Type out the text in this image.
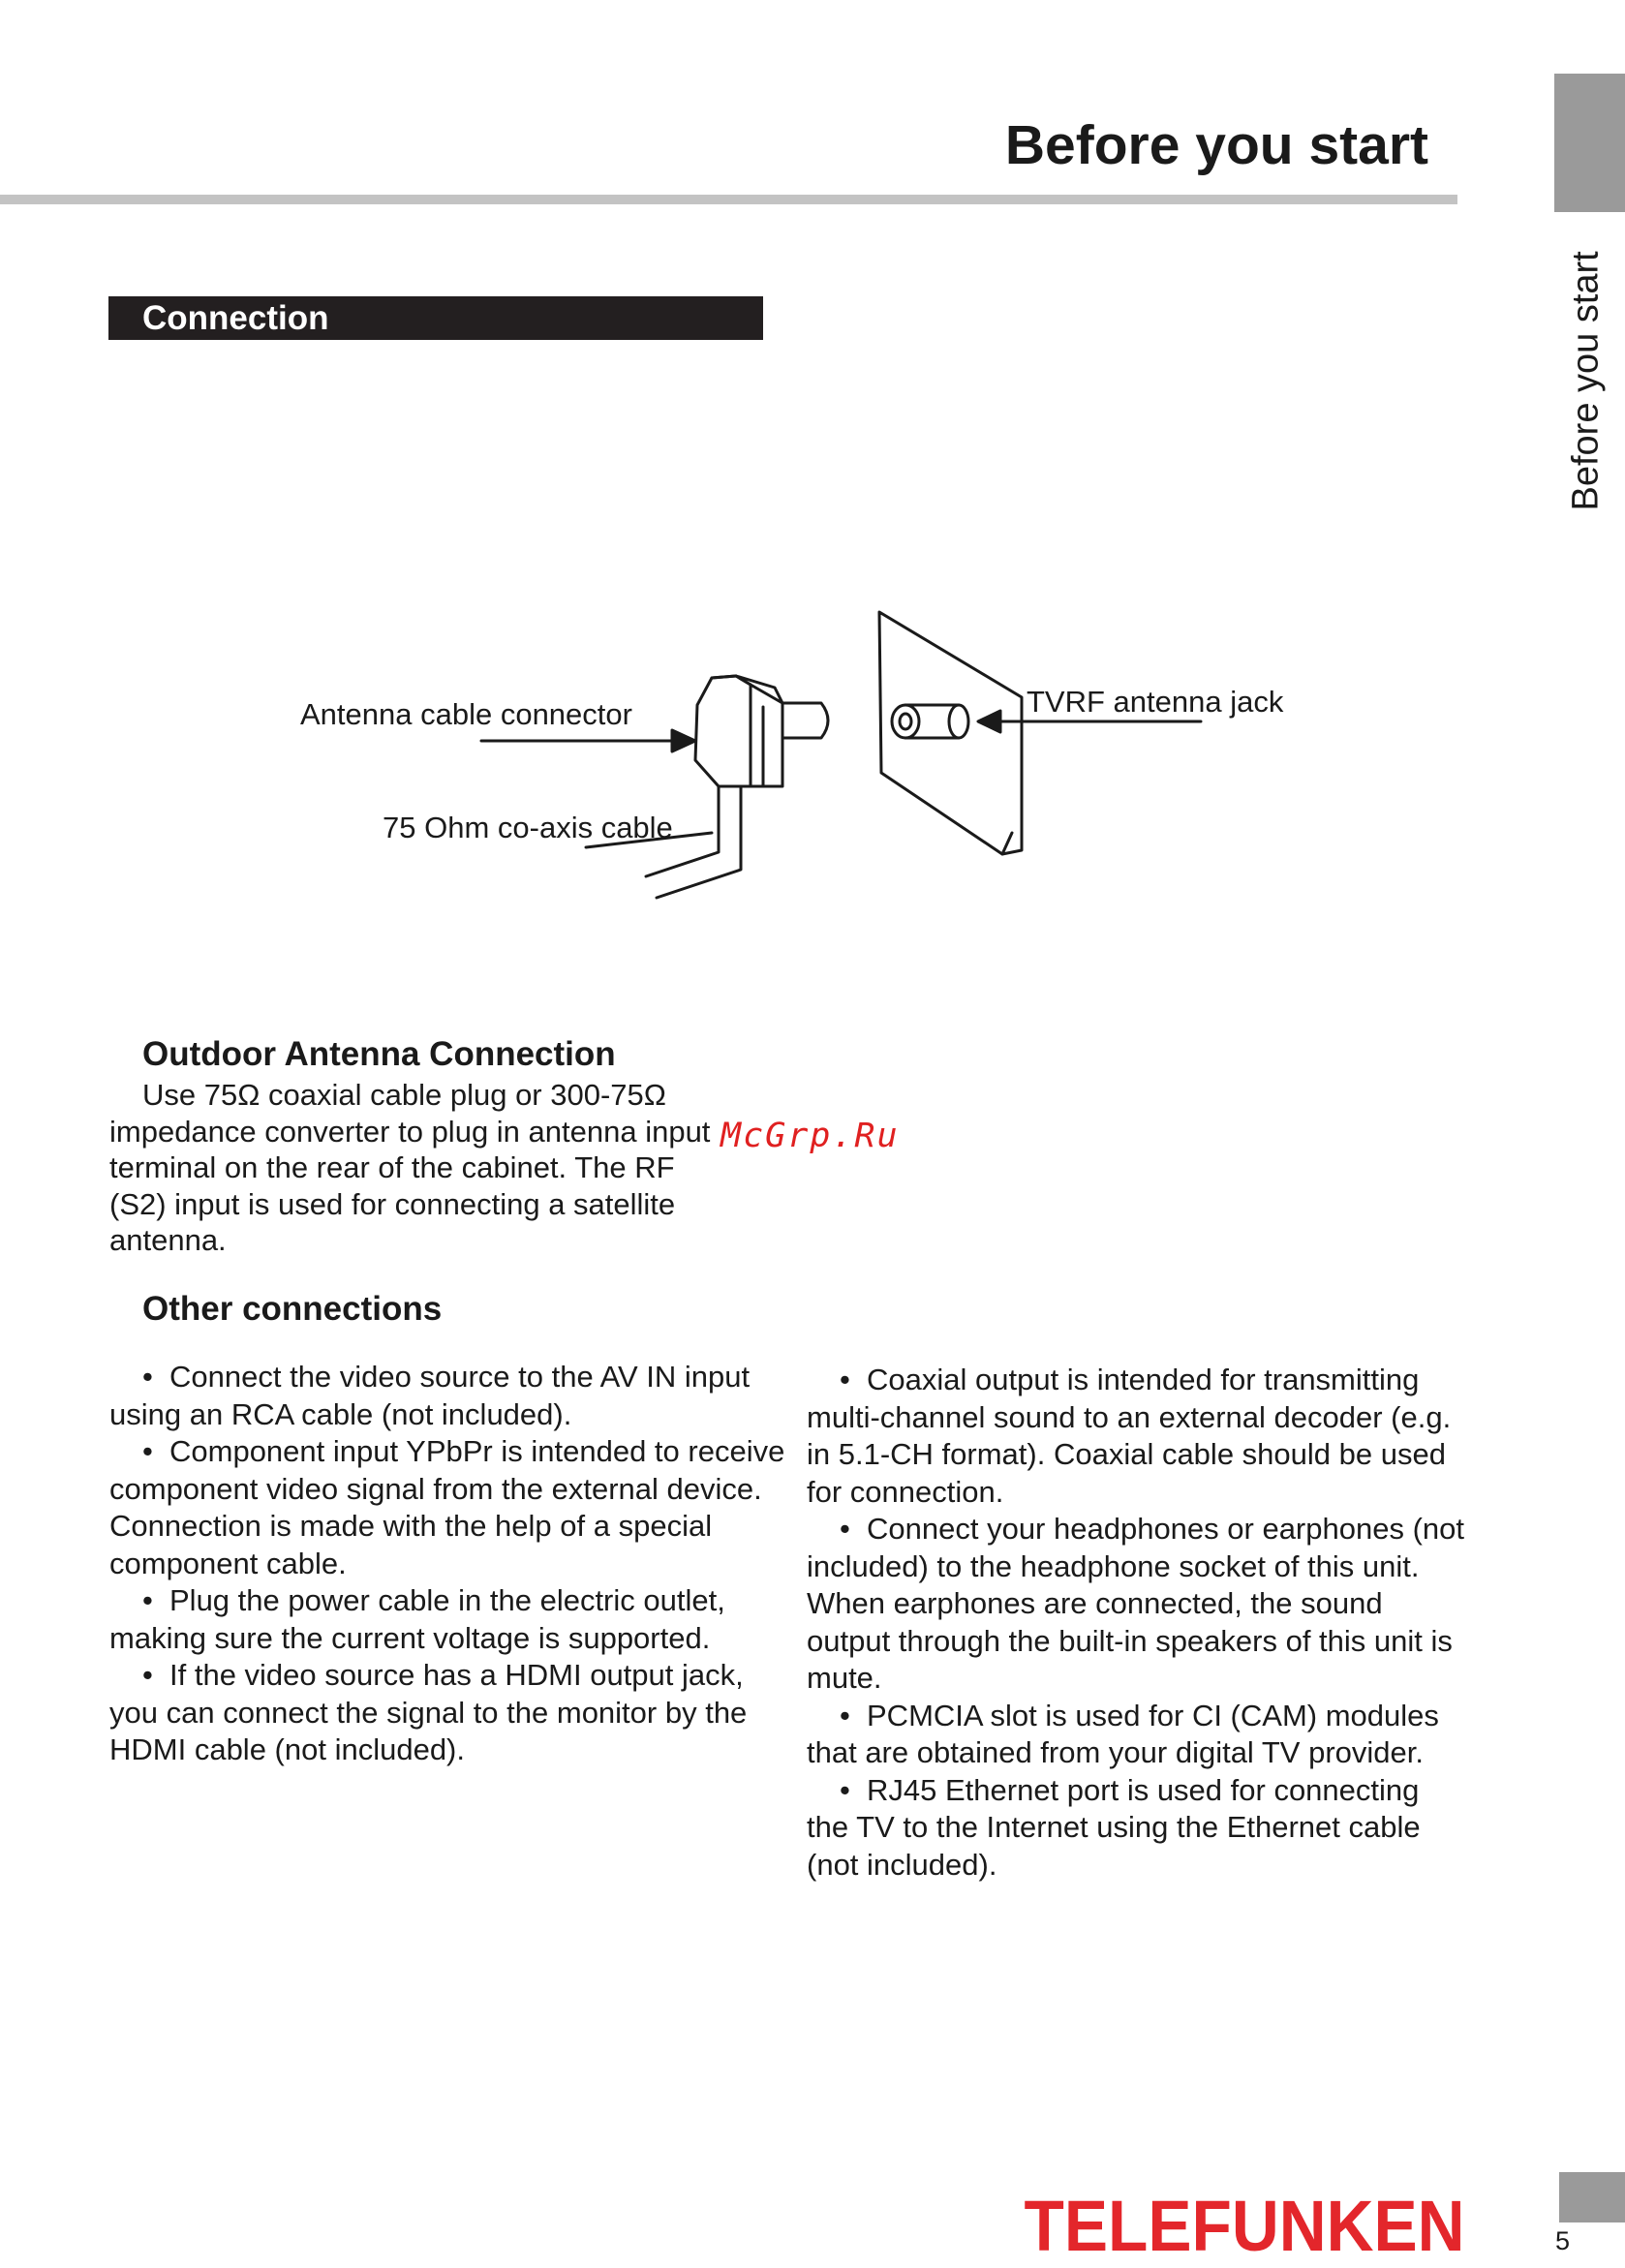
Before you start
Before you start
Connection
Antenna cable connector
75 Ohm co-axis cable
TVRF antenna jack
Outdoor Antenna Connection

Use 75Ω coaxial cable plug or 300-75Ω impedance converter to plug in antenna input terminal on the rear of the cabinet. The RF (S2) input is used for connecting a satellite antenna.

McGrp.Ru
Other connections

• Connect the video source to the AV IN input using an RCA cable (not included).

• Component input YPbPr is intended to receive component video signal from the external device. Connection is made with the help of a special component cable.

• Plug the power cable in the electric outlet, making sure the current voltage is supported.

• If the video source has a HDMI output jack, you can connect the signal to the monitor by the HDMI cable (not included).

• Coaxial output is intended for transmitting multi-channel sound to an external decoder (e.g. in 5.1-CH format). Coaxial cable should be used for connection.

• Connect your headphones or earphones (not included) to the headphone socket of this unit. When earphones are connected, the sound output through the built-in speakers of this unit is mute.

• PCMCIA slot is used for CI (CAM) modules that are obtained from your digital TV provider.

• RJ45 Ethernet port is used for connecting the TV to the Internet using the Ethernet cable (not included).

TELEFUNKEN	5
